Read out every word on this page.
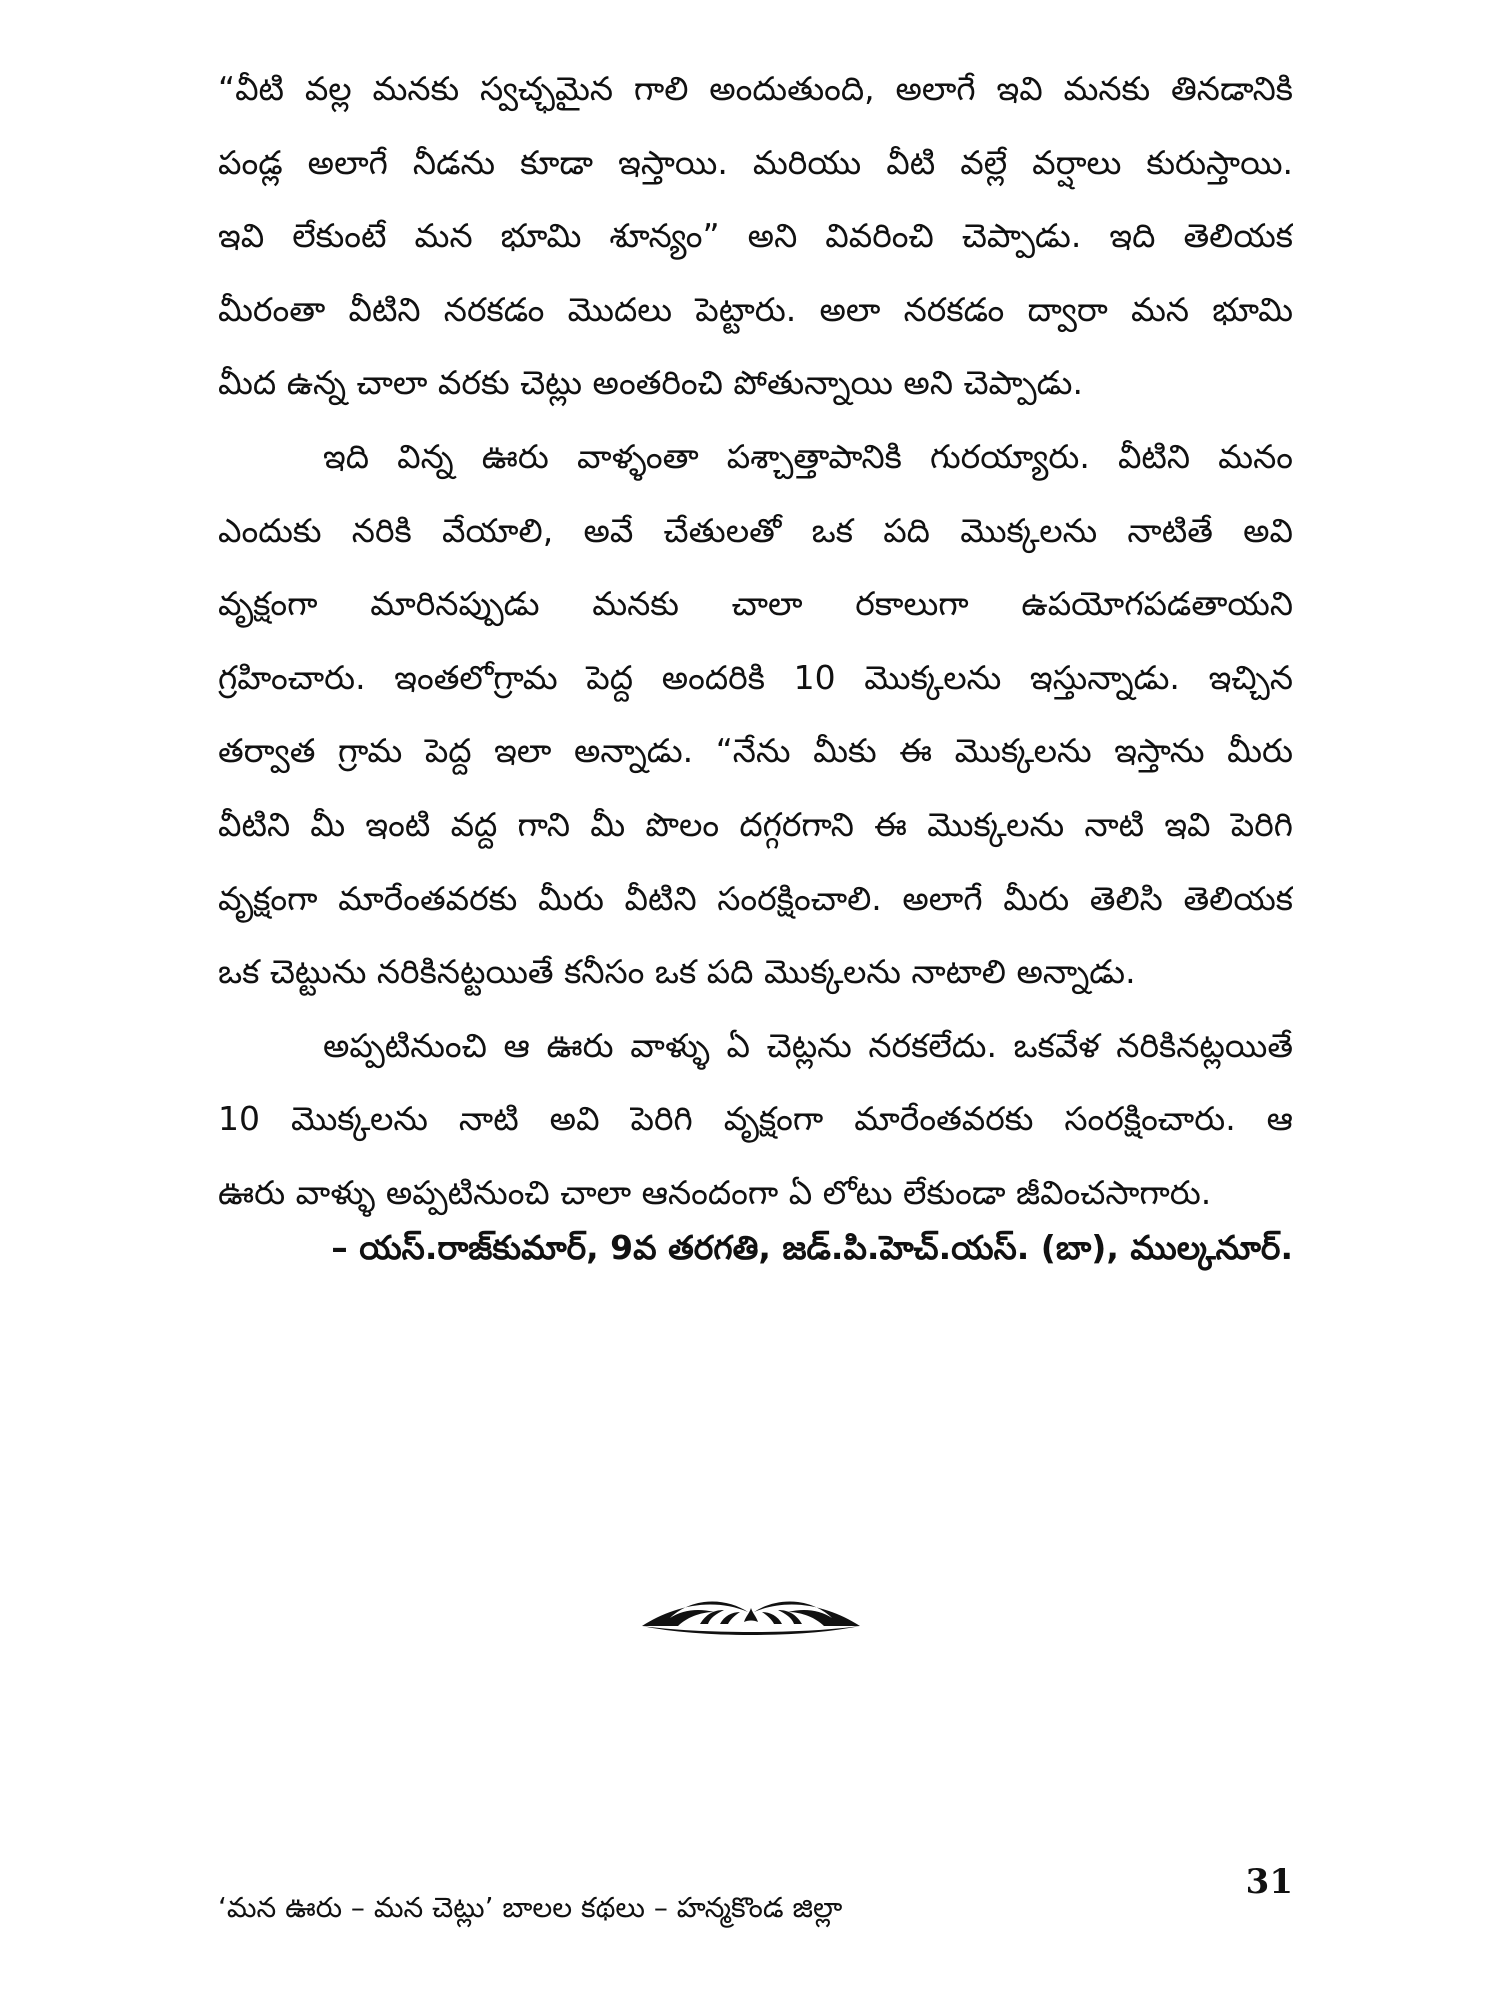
“వీటి వల్ల మనకు స్వచ్ఛమైన గాలి అందుతుంది, అలాగే ఇవి మనకు తినడానికి
పండ్ల అలాగే నీడను కూడా ఇస్తాయి. మరియు వీటి వల్లే వర్షాలు కురుస్తాయి.
ఇవి లేకుంటే మన భూమి శూన్యం” అని వివరించి చెప్పాడు. ఇది తెలియక
మీరంతా వీటిని నరకడం మొదలు పెట్టారు. అలా నరకడం ద్వారా మన భూమి
మీద ఉన్న చాలా వరకు చెట్లు అంతరించి పోతున్నాయి అని చెప్పాడు.
ఇది విన్న ఊరు వాళ్ళంతా పశ్చాత్తాపానికి గురయ్యారు. వీటిని మనం
ఎందుకు నరికి వేయాలి, అవే చేతులతో ఒక పది మొక్కలను నాటితే అవి
వృక్షంగా మారినప్పుడు మనకు చాలా రకాలుగా ఉపయోగపడతాయని
గ్రహించారు. ఇంతలోగ్రామ పెద్ద అందరికి 10 మొక్కలను ఇస్తున్నాడు. ఇచ్చిన
తర్వాత గ్రామ పెద్ద ఇలా అన్నాడు. “నేను మీకు ఈ మొక్కలను ఇస్తాను మీరు
వీటిని మీ ఇంటి వద్ద గాని మీ పొలం దగ్గరగాని ఈ మొక్కలను నాటి ఇవి పెరిగి
వృక్షంగా మారేంతవరకు మీరు వీటిని సంరక్షించాలి. అలాగే మీరు తెలిసి తెలియక
ఒక చెట్టును నరికినట్టయితే కనీసం ఒక పది మొక్కలను నాటాలి అన్నాడు.
అప్పటినుంచి ఆ ఊరు వాళ్ళు ఏ చెట్లను నరకలేదు. ఒకవేళ నరికినట్లయితే
10 మొక్కలను నాటి అవి పెరిగి వృక్షంగా మారేంతవరకు సంరక్షించారు. ఆ
ఊరు వాళ్ళు అప్పటినుంచి చాలా ఆనందంగా ఏ లోటు లేకుండా జీవించసాగారు.
– యస్.రాజ్‌కుమార్, 9వ తరగతి, జడ్.పి.హెచ్.యస్. (బా), ముల్కనూర్.
‘మన ఊరు – మన చెట్లు’ బాలల కథలు – హన్మకొండ జిల్లా
31
